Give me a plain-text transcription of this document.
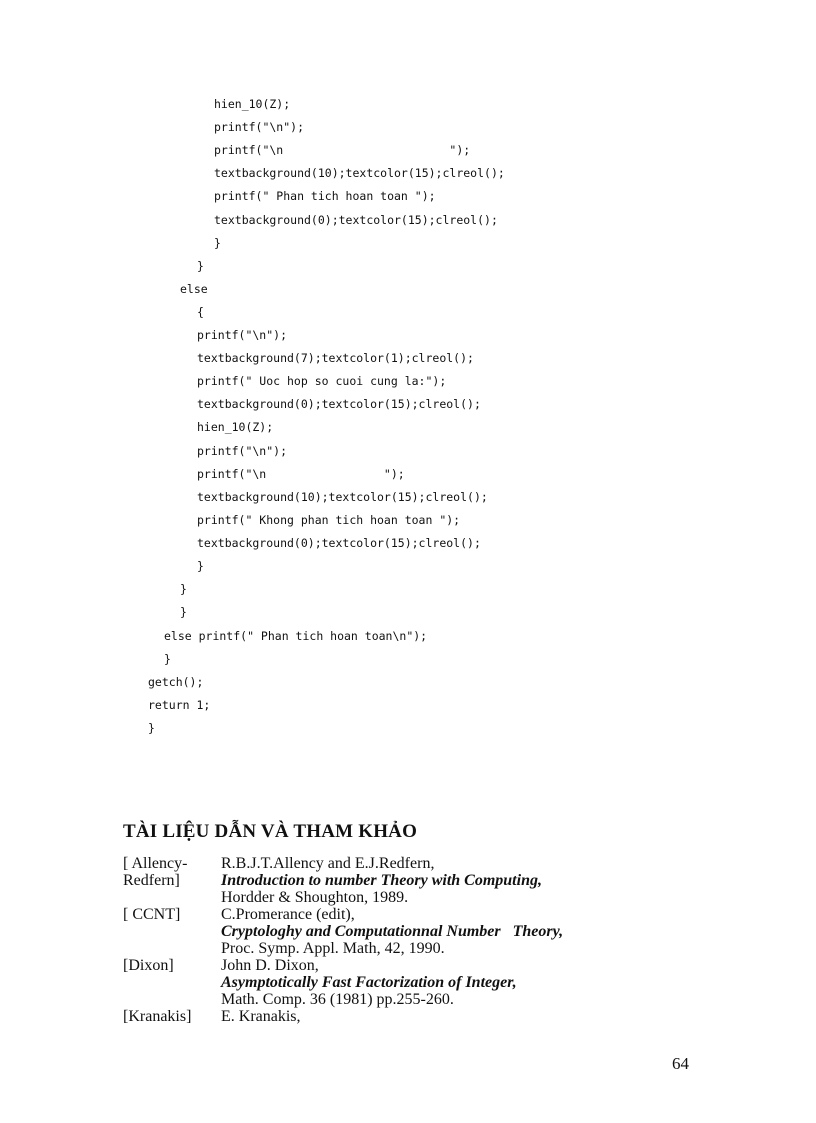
hien_10(Z);
printf("\n");
printf("\n                        ");
textbackground(10);textcolor(15);clreol();
printf(" Phan tich hoan toan ");
textbackground(0);textcolor(15);clreol();
}
}
else
{
printf("\n");
textbackground(7);textcolor(1);clreol();
printf(" Uoc hop so cuoi cung la:");
textbackground(0);textcolor(15);clreol();
hien_10(Z);
printf("\n");
printf("\n                 ");
textbackground(10);textcolor(15);clreol();
printf(" Khong phan tich hoan toan ");
textbackground(0);textcolor(15);clreol();
}
}
}
else printf(" Phan tich hoan toan\n");
}
getch();
return 1;
}
TÀI LIỆU DẪN VÀ THAM KHẢO
[ Allency-
Redfern]
R.B.J.T.Allency and E.J.Redfern,
Introduction to number Theory with Computing,
Hordder & Shoughton, 1989.
[ CCNT]	C.Promerance (edit),
Cryptologhy and Computationnal Number   Theory,
Proc. Symp. Appl. Math, 42, 1990.
[Dixon]	John D. Dixon,
Asymptotically Fast Factorization of Integer,
Math. Comp. 36 (1981) pp.255-260.
[Kranakis] E. Kranakis,
64
